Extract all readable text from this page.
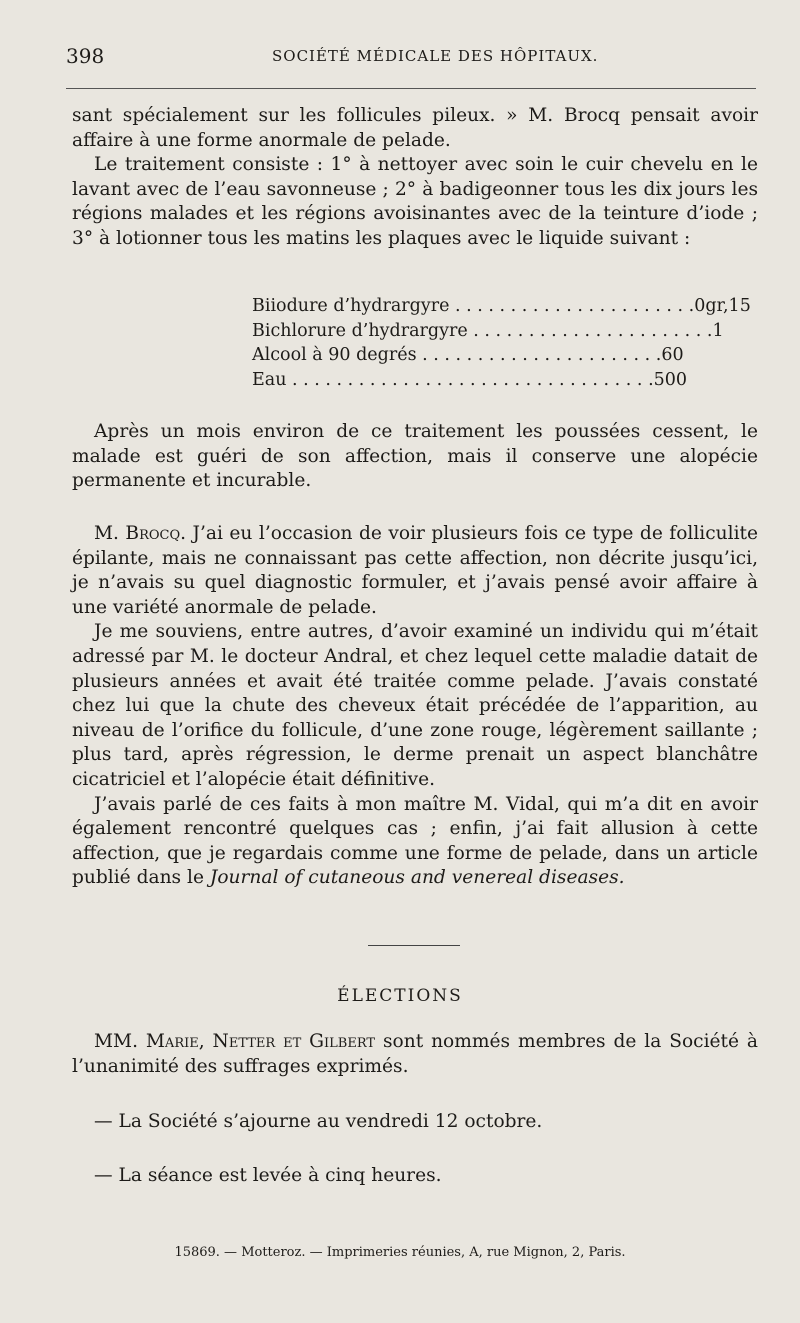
398	SOCIÉTÉ MÉDICALE DES HÔPITAUX.

sant spécialement sur les follicules pileux. » M. Brocq pensait avoir affaire à une forme anormale de pelade.

Le traitement consiste : 1° à nettoyer avec soin le cuir chevelu en le lavant avec de l’eau savonneuse ; 2° à badigeonner tous les dix jours les régions malades et les régions avoisinantes avec de la teinture d’iode ; 3° à lotionner tous les matins les plaques avec le liquide suivant :

Biiodure d’hydrargyre . . . . . . . . . . . . . . . . . . . . . . 0gr,15
Bichlorure d’hydrargyre . . . . . . . . . . . . . . . . . . . . . . 1
Alcool à 90 degrés . . . . . . . . . . . . . . . . . . . . . . 60
Eau . . . . . . . . . . . . . . . . . . . . . . . . . . . . . . . . . 500

Après un mois environ de ce traitement les poussées cessent, le malade est guéri de son affection, mais il conserve une alopécie permanente et incurable.

M. Brocq. J’ai eu l’occasion de voir plusieurs fois ce type de folliculite épilante, mais ne connaissant pas cette affection, non décrite jusqu’ici, je n’avais su quel diagnostic formuler, et j’avais pensé avoir affaire à une variété anormale de pelade.

Je me souviens, entre autres, d’avoir examiné un individu qui m’était adressé par M. le docteur Andral, et chez lequel cette maladie datait de plusieurs années et avait été traitée comme pelade. J’avais constaté chez lui que la chute des cheveux était précédée de l’apparition, au niveau de l’orifice du follicule, d’une zone rouge, légèrement saillante ; plus tard, après régression, le derme prenait un aspect blanchâtre cicatriciel et l’alopécie était définitive.

J’avais parlé de ces faits à mon maître M. Vidal, qui m’a dit en avoir également rencontré quelques cas ; enfin, j’ai fait allusion à cette affection, que je regardais comme une forme de pelade, dans un article publié dans le Journal of cutaneous and venereal diseases.

ÉLECTIONS

MM. Marie, Netter et Gilbert sont nommés membres de la Société à l’unanimité des suffrages exprimés.

— La Société s’ajourne au vendredi 12 octobre.

— La séance est levée à cinq heures.

15869. — Motteroz. — Imprimeries réunies, A, rue Mignon, 2, Paris.
